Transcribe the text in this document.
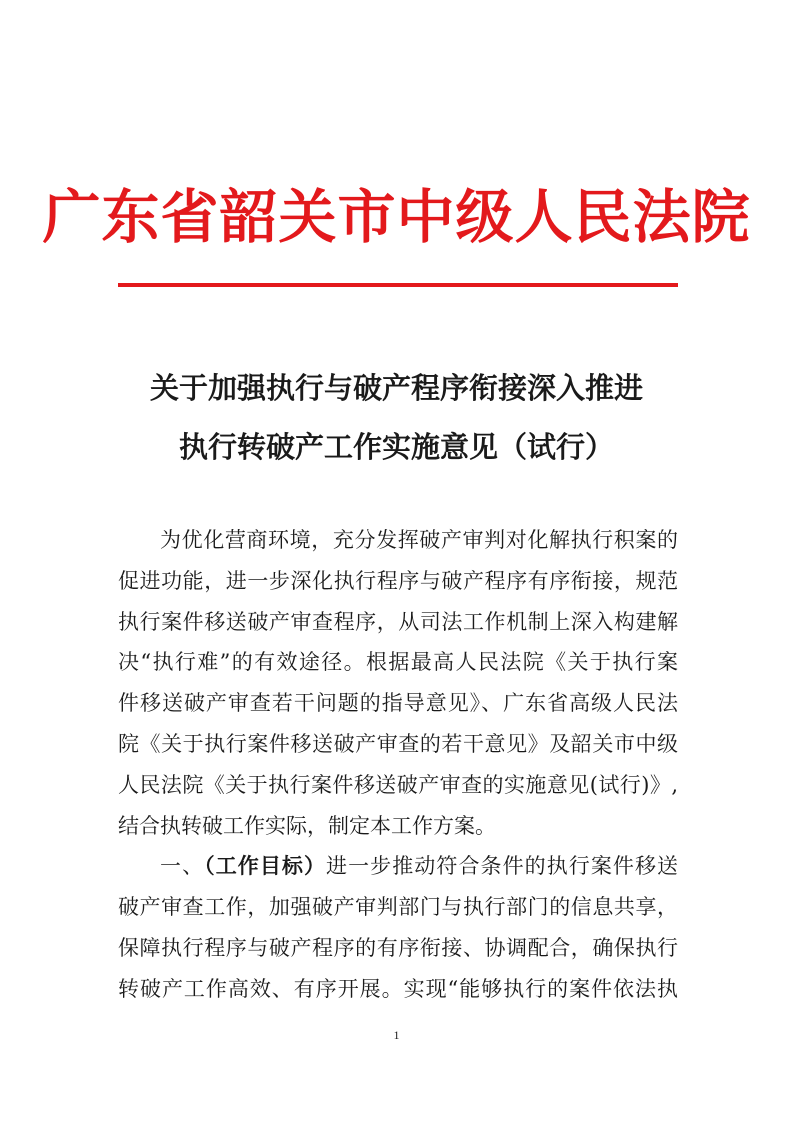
广东省韶关市中级人民法院
关于加强执行与破产程序衔接深入推进
执行转破产工作实施意见（试行）
为优化营商环境，充分发挥破产审判对化解执行积案的
促进功能，进一步深化执行程序与破产程序有序衔接，规范
执行案件移送破产审查程序，从司法工作机制上深入构建解
决“执行难”的有效途径。根据最高人民法院《关于执行案
件移送破产审查若干问题的指导意见》、广东省高级人民法
院《关于执行案件移送破产审查的若干意见》及韶关市中级
人民法院《关于执行案件移送破产审查的实施意见(试行)》,
结合执转破工作实际，制定本工作方案。
一、（工作目标）进一步推动符合条件的执行案件移送
破产审查工作，加强破产审判部门与执行部门的信息共享，
保障执行程序与破产程序的有序衔接、协调配合，确保执行
转破产工作高效、有序开展。实现“能够执行的案件依法执
1
